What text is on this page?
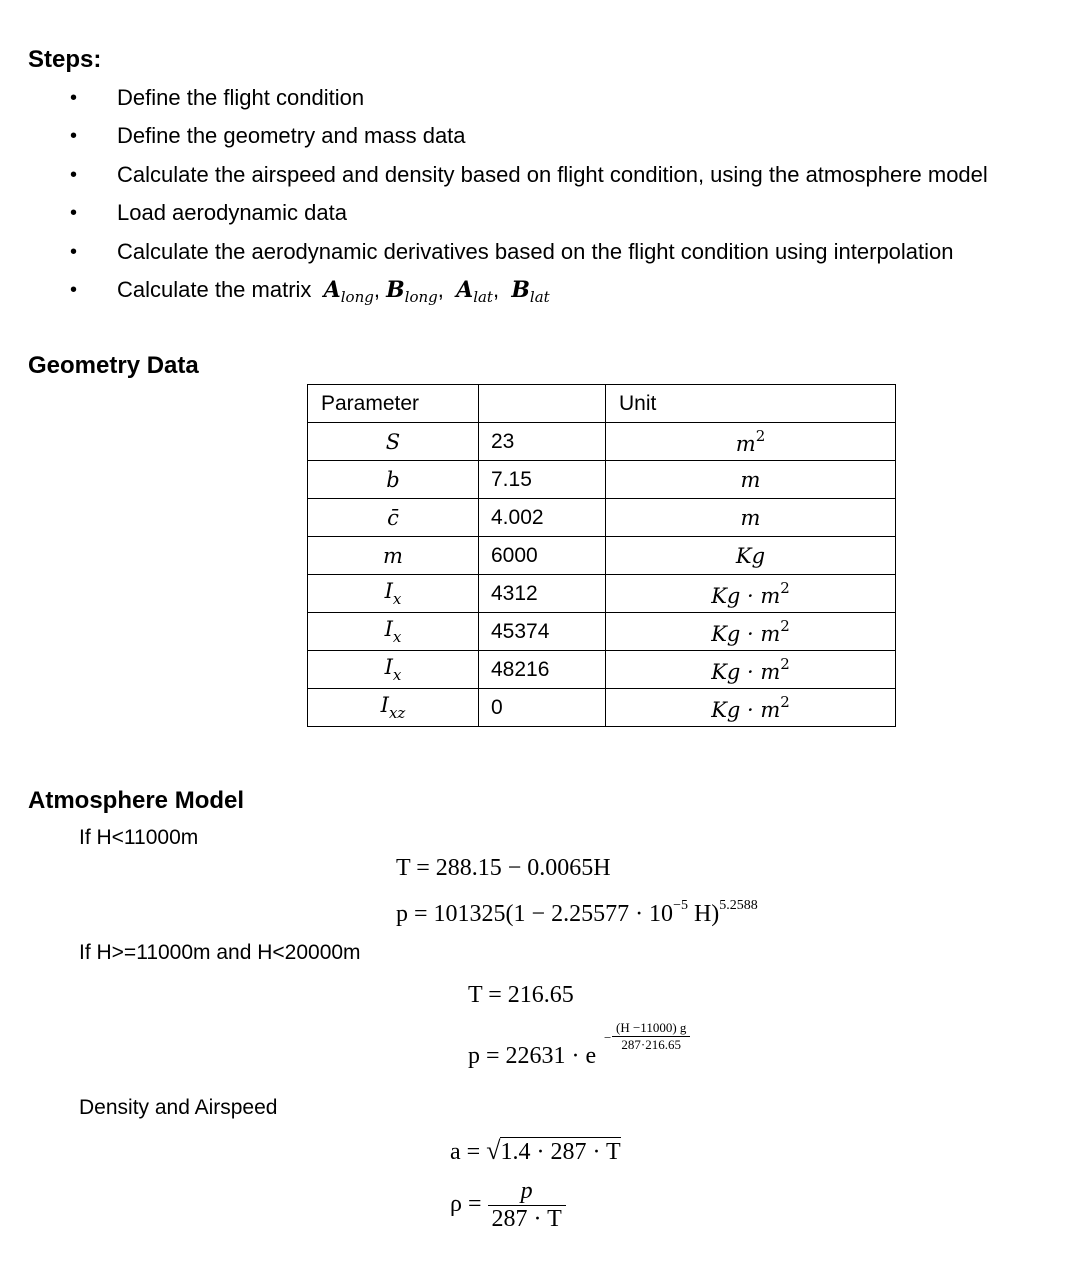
Steps:
• Define the flight condition
• Define the geometry and mass data
• Calculate the airspeed and density based on flight condition, using the atmosphere model
• Load aerodynamic data
• Calculate the aerodynamic derivatives based on the flight condition using interpolation
• Calculate the matrix $A_{long}$, $B_{long}$,  $A_{lat}$,  $B_{lat}$
Geometry Data
Parameter		Unit
S	23	$m^2$
b	7.15	m
c̄	4.002	m
m	6000	Kg
$I_x$	4312	$Kg \cdot m^2$
$I_x$	45374	$Kg \cdot m^2$
$I_x$	48216	$Kg \cdot m^2$
$I_{xz}$	0	$Kg \cdot m^2$
Atmosphere Model
If H<11000m
T = 288.15 − 0.0065H
$p = 101325(1 - 2.25577 \cdot 10^{-5}$ H)$^{5.2588}$
If H>=11000m and H<20000m
T = 216.65
p = 22631 · e
− $\frac{(H -11000) g}{287\cdot 216.65}$
Density and Airspeed
a = √1.4 · 287 · T
$\rho = \frac{p}{287 \cdot T}$
